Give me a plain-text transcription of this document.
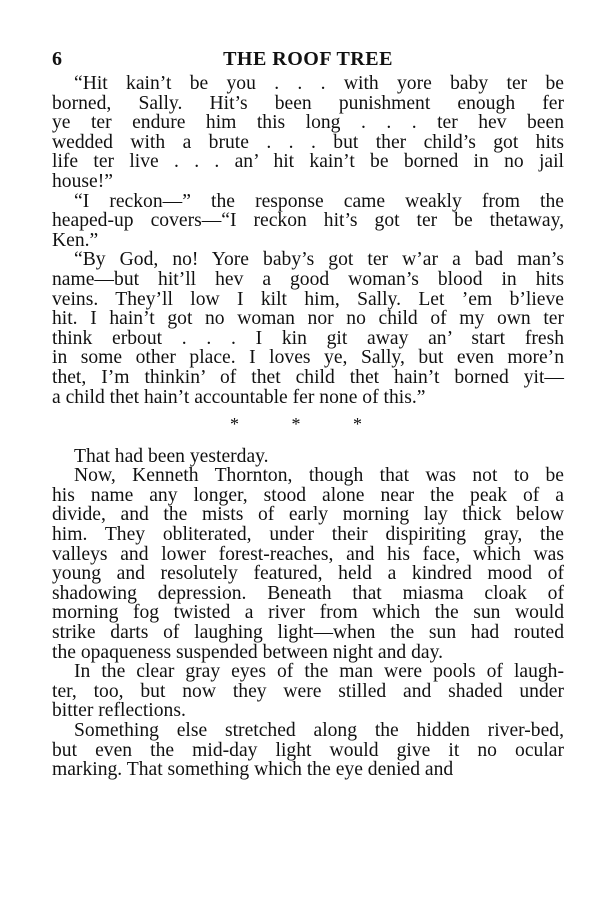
6	THE ROOF TREE
“Hit kain’t be you . . . with yore baby ter be
borned, Sally. Hit’s been punishment enough fer
ye ter endure him this long . . . ter hev been
wedded with a brute . . . but ther child’s got hits
life ter live . . . an’ hit kain’t be borned in no jail
house!”
“I reckon—” the response came weakly from the
heaped-up covers—“I reckon hit’s got ter be thetaway,
Ken.”
“By God, no! Yore baby’s got ter w’ar a bad man’s
name—but hit’ll hev a good woman’s blood in hits
veins. They’ll low I kilt him, Sally. Let ’em b’lieve
hit. I hain’t got no woman nor no child of my own ter
think erbout . . . I kin git away an’ start fresh
in some other place. I loves ye, Sally, but even more’n
thet, I’m thinkin’ of thet child thet hain’t borned yit—
a child thet hain’t accountable fer none of this.”
* * *
That had been yesterday.
Now, Kenneth Thornton, though that was not to be
his name any longer, stood alone near the peak of a
divide, and the mists of early morning lay thick below
him. They obliterated, under their dispiriting gray, the
valleys and lower forest-reaches, and his face, which was
young and resolutely featured, held a kindred mood of
shadowing depression. Beneath that miasma cloak of
morning fog twisted a river from which the sun would
strike darts of laughing light—when the sun had routed
the opaqueness suspended between night and day.
In the clear gray eyes of the man were pools of laugh-
ter, too, but now they were stilled and shaded under
bitter reflections.
Something else stretched along the hidden river-bed,
but even the mid-day light would give it no ocular
marking. That something which the eye denied and
